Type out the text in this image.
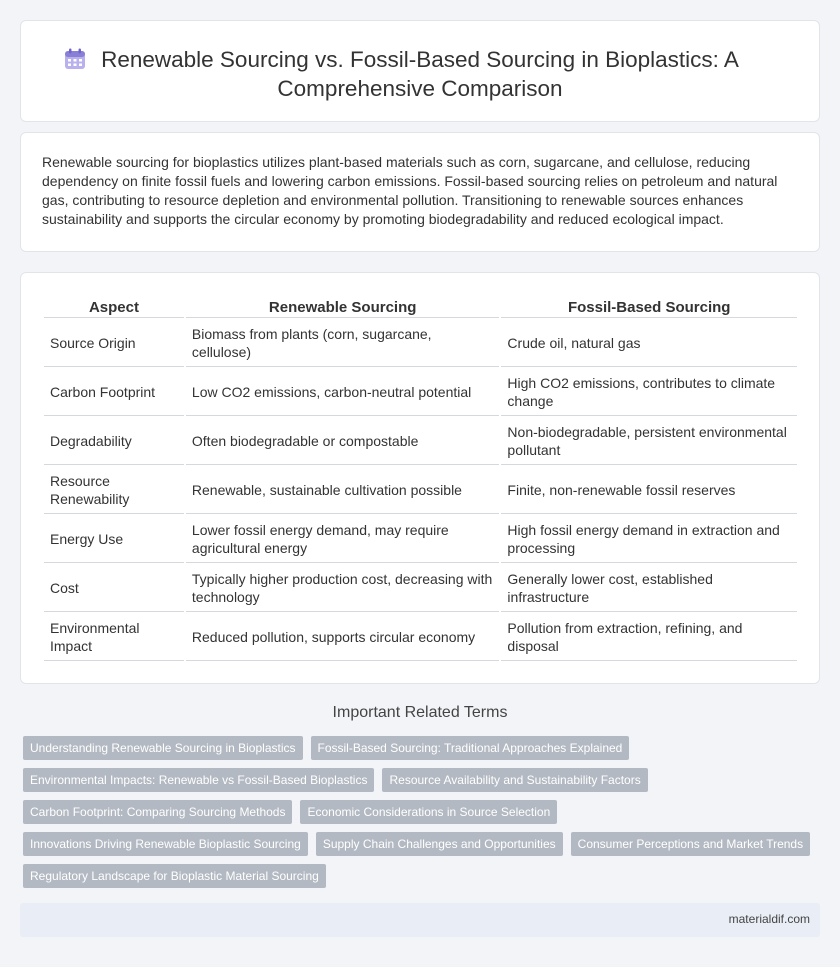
Renewable Sourcing vs. Fossil-Based Sourcing in Bioplastics: A Comprehensive Comparison

Renewable sourcing for bioplastics utilizes plant-based materials such as corn, sugarcane, and cellulose, reducing dependency on finite fossil fuels and lowering carbon emissions. Fossil-based sourcing relies on petroleum and natural gas, contributing to resource depletion and environmental pollution. Transitioning to renewable sources enhances sustainability and supports the circular economy by promoting biodegradability and reduced ecological impact.

Aspect	Renewable Sourcing	Fossil-Based Sourcing
Source Origin	Biomass from plants (corn, sugarcane, cellulose)	Crude oil, natural gas
Carbon Footprint	Low CO2 emissions, carbon-neutral potential	High CO2 emissions, contributes to climate change
Degradability	Often biodegradable or compostable	Non-biodegradable, persistent environmental pollutant
Resource Renewability	Renewable, sustainable cultivation possible	Finite, non-renewable fossil reserves
Energy Use	Lower fossil energy demand, may require agricultural energy	High fossil energy demand in extraction and processing
Cost	Typically higher production cost, decreasing with technology	Generally lower cost, established infrastructure
Environmental Impact	Reduced pollution, supports circular economy	Pollution from extraction, refining, and disposal
Important Related Terms
Understanding Renewable Sourcing in Bioplastics	Fossil-Based Sourcing: Traditional Approaches Explained
Environmental Impacts: Renewable vs Fossil-Based Bioplastics	Resource Availability and Sustainability Factors
Carbon Footprint: Comparing Sourcing Methods	Economic Considerations in Source Selection
Innovations Driving Renewable Bioplastic Sourcing	Supply Chain Challenges and Opportunities	Consumer Perceptions and Market Trends
Regulatory Landscape for Bioplastic Material Sourcing
materialdif.com
